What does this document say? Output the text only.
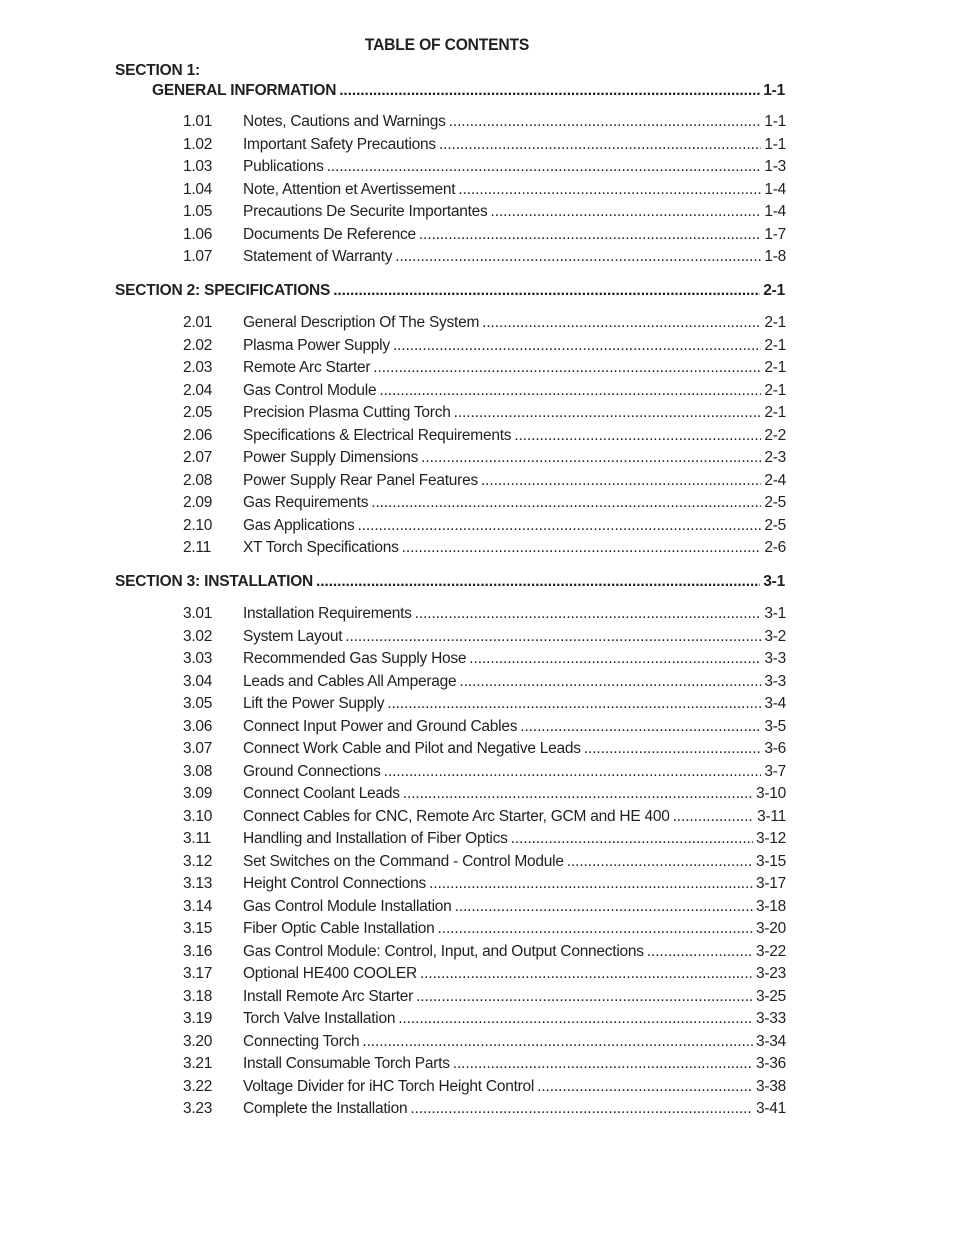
TABLE OF CONTENTS
SECTION 1:
GENERAL INFORMATION . . .	1-1
1.01	Notes, Cautions and Warnings . . .	1-1
1.02	Important Safety Precautions . . .	1-1
1.03	Publications . . .	1-3
1.04	Note, Attention et Avertissement . . .	1-4
1.05	Precautions De Securite Importantes . . .	1-4
1.06	Documents De Reference . . .	1-7
1.07	Statement of Warranty . . .	1-8
SECTION 2: SPECIFICATIONS . . .	2-1
2.01	General Description Of The System . . .	2-1
2.02	Plasma Power Supply . . .	2-1
2.03	Remote Arc Starter . . .	2-1
2.04	Gas Control Module . . .	2-1
2.05	Precision Plasma Cutting Torch . . .	2-1
2.06	Specifications & Electrical Requirements . . .	2-2
2.07	Power Supply Dimensions . . .	2-3
2.08	Power Supply Rear Panel Features . . .	2-4
2.09	Gas Requirements . . .	2-5
2.10	Gas Applications . . .	2-5
2.11	XT Torch Specifications . . .	2-6
SECTION 3: INSTALLATION . . .	3-1
3.01	Installation Requirements . . .	3-1
3.02	System Layout . . .	3-2
3.03	Recommended Gas Supply Hose . . .	3-3
3.04	Leads and Cables All Amperage . . .	3-3
3.05	Lift the Power Supply . . .	3-4
3.06	Connect Input Power and Ground Cables . . .	3-5
3.07	Connect Work Cable and Pilot and Negative Leads . . .	3-6
3.08	Ground Connections . . .	3-7
3.09	Connect Coolant Leads . . .	3-10
3.10	Connect Cables for CNC, Remote Arc Starter, GCM and HE 400 . . .	3-11
3.11	Handling and Installation of Fiber Optics . . .	3-12
3.12	Set Switches on the Command - Control Module . . .	3-15
3.13	Height Control Connections . . .	3-17
3.14	Gas Control Module Installation . . .	3-18
3.15	Fiber Optic Cable Installation . . .	3-20
3.16	Gas Control Module: Control, Input, and Output Connections . . .	3-22
3.17	Optional HE400 COOLER . . .	3-23
3.18	Install Remote Arc Starter . . .	3-25
3.19	Torch Valve Installation . . .	3-33
3.20	Connecting Torch . . .	3-34
3.21	Install Consumable Torch Parts . . .	3-36
3.22	Voltage Divider for iHC Torch Height Control . . .	3-38
3.23	Complete the Installation . . .	3-41
